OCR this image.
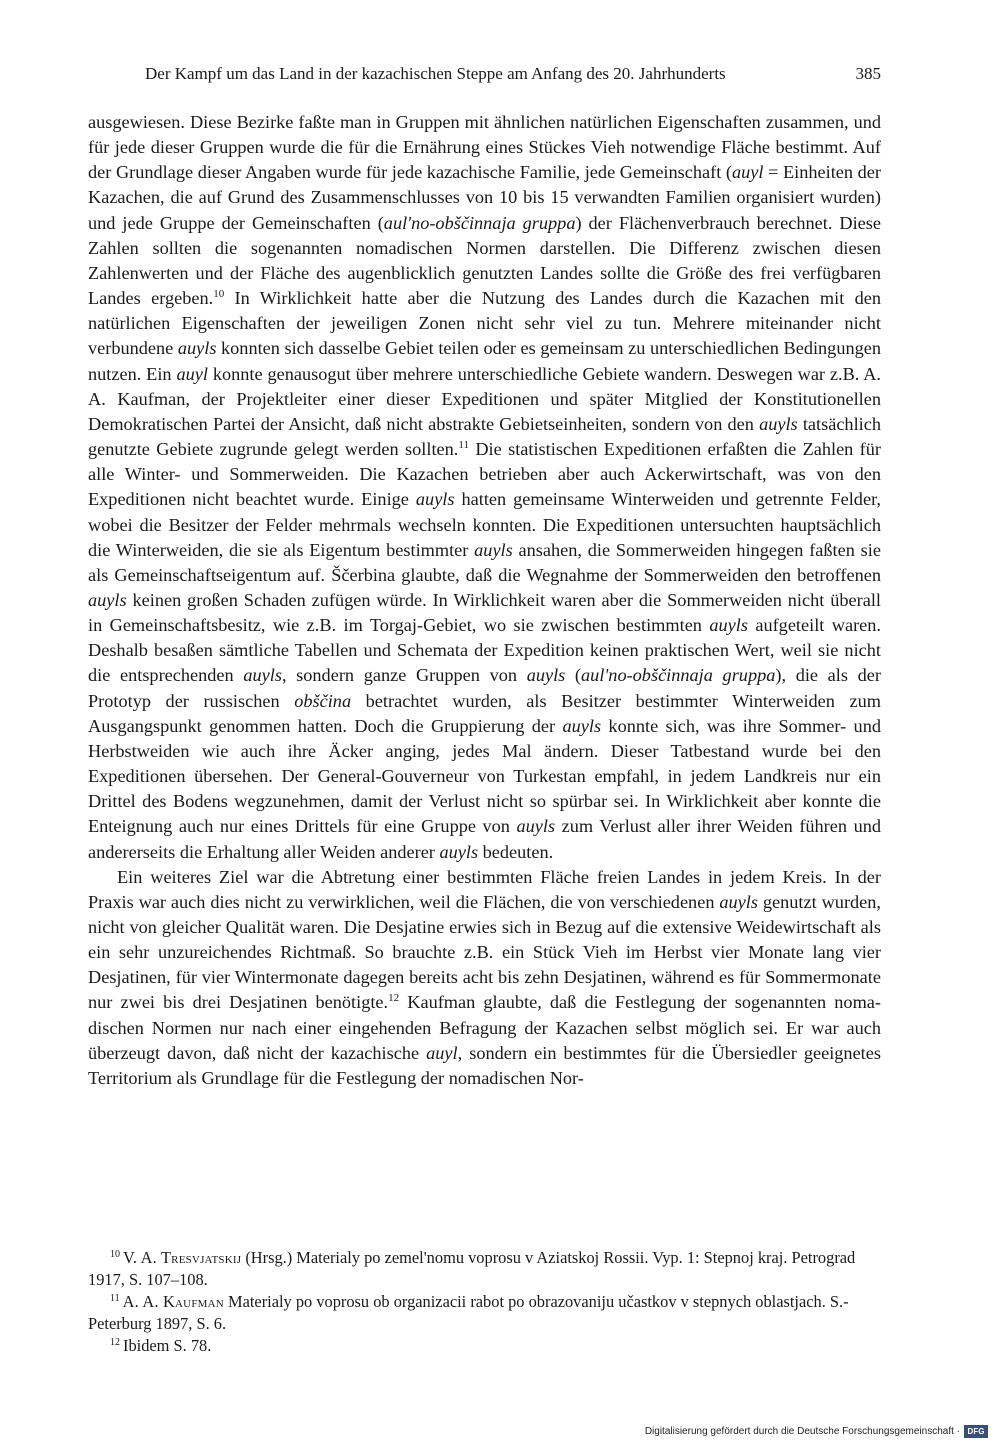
Der Kampf um das Land in der kazachischen Steppe am Anfang des 20. Jahrhunderts	385

ausgewiesen. Diese Bezirke faßte man in Gruppen mit ähnlichen natürlichen Eigenschaften zusammen, und für jede dieser Gruppen wurde die für die Ernährung eines Stückes Vieh notwendige Fläche bestimmt. Auf der Grundlage dieser Angaben wurde für jede kazachische Familie, jede Gemeinschaft (auyl = Einheiten der Kazachen, die auf Grund des Zusammenschlusses von 10 bis 15 verwandten Familien organisiert wurden) und jede Gruppe der Gemeinschaften (aul'no-obščinnaja gruppa) der Flächenverbrauch berechnet. Diese Zahlen sollten die sogenannten nomadischen Normen darstellen. Die Differenz zwischen diesen Zahlenwerten und der Fläche des augenblicklich genutzten Landes sollte die Größe des frei verfügbaren Landes ergeben.$^{10}$ In Wirklichkeit hatte aber die Nutzung des Landes durch die Kazachen mit den natürlichen Eigenschaften der jeweiligen Zonen nicht sehr viel zu tun. Mehrere miteinander nicht verbundene auyls konnten sich dasselbe Gebiet teilen oder es gemeinsam zu unterschiedlichen Bedingungen nutzen. Ein auyl konnte genausogut über mehrere unterschiedliche Gebiete wandern. Deswegen war z.B. A. A. Kaufman, der Projektleiter einer dieser Expeditionen und später Mitglied der Konstitutionellen Demokratischen Partei der Ansicht, daß nicht abstrakte Gebietseinheiten, sondern von den auyls tatsächlich genutzte Gebiete zugrunde gelegt werden sollten.$^{11}$ Die statistischen Expeditionen erfaßten die Zahlen für alle Winter- und Sommerweiden. Die Kazachen betrieben aber auch Ackerwirtschaft, was von den Expeditionen nicht beachtet wurde. Einige auyls hatten gemeinsame Winterweiden und getrennte Felder, wobei die Besitzer der Felder mehrmals wechseln konnten. Die Expeditionen untersuchten hauptsächlich die Winterweiden, die sie als Eigentum bestimmter auyls ansahen, die Sommerweiden hingegen faßten sie als Gemeinschaftseigentum auf. Ščerbina glaubte, daß die Wegnahme der Sommerweiden den betroffenen auyls keinen großen Schaden zufügen würde. In Wirklichkeit waren aber die Sommerweiden nicht überall in Gemeinschaftsbesitz, wie z.B. im Torgaj-Gebiet, wo sie zwischen bestimmten auyls aufgeteilt waren. Deshalb besaßen sämtliche Tabellen und Schemata der Expedition keinen praktischen Wert, weil sie nicht die entsprechenden auyls, sondern ganze Gruppen von auyls (aul'no-obščinnaja gruppa), die als der Prototyp der russischen obščina betrachtet wurden, als Besitzer bestimmter Winterweiden zum Ausgangspunkt genommen hatten. Doch die Gruppierung der auyls konnte sich, was ihre Sommer- und Herbstweiden wie auch ihre Äcker anging, jedes Mal ändern. Dieser Tatbestand wurde bei den Expeditionen übersehen. Der General-Gouverneur von Turkestan empfahl, in jedem Landkreis nur ein Drittel des Bodens wegzunehmen, damit der Verlust nicht so spürbar sei. In Wirklichkeit aber konnte die Enteignung auch nur eines Drittels für eine Gruppe von auyls zum Verlust aller ihrer Weiden führen und andererseits die Erhaltung aller Weiden anderer auyls bedeuten.

Ein weiteres Ziel war die Abtretung einer bestimmten Fläche freien Landes in jedem Kreis. In der Praxis war auch dies nicht zu verwirklichen, weil die Flächen, die von verschiedenen auyls genutzt wurden, nicht von gleicher Qualität waren. Die Desjatine erwies sich in Bezug auf die extensive Weidewirtschaft als ein sehr unzureichendes Richtmaß. So brauchte z.B. ein Stück Vieh im Herbst vier Monate lang vier Desjatinen, für vier Wintermonate dagegen bereits acht bis zehn Desjatinen, während es für Sommermonate nur zwei bis drei Desjatinen benötigte.$^{12}$ Kaufman glaubte, daß die Festlegung der sogenannten nomadischen Normen nur nach einer eingehenden Befragung der Kazachen selbst möglich sei. Er war auch überzeugt davon, daß nicht der kazachische auyl, sondern ein bestimmtes für die Übersiedler geeignetes Territorium als Grundlage für die Festlegung der nomadischen Nor-

$^{10}$ V. A. Tresvjatskij (Hrsg.) Materialy po zemel'nomu voprosu v Aziatskoj Rossii. Vyp. 1: Stepnoj kraj. Petrograd 1917, S. 107–108.

$^{11}$ A. A. Kaufman Materialy po voprosu ob organizacii rabot po obrazovaniju učastkov v stepnych oblastjach. S.-Peterburg 1897, S. 6.

$^{12}$ Ibidem S. 78.

Digitalisierung gefördert durch die Deutsche Forschungsgemeinschaft · DFG
